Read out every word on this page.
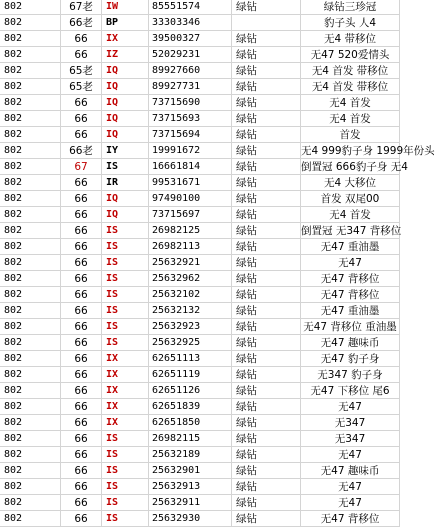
802	67老	IW	85551574	绿钻	绿钻三珍冠
802	66老	BP	33303346		豹子头 人4
802	66	IX	39500327	绿钻	无4 带移位
802	66	IZ	52029231	绿钻	无47 520爱情头
802	65老	IQ	89927660	绿钻	无4 首发 带移位
802	65老	IQ	89927731	绿钻	无4 首发 带移位
802	66	IQ	73715690	绿钻	无4 首发
802	66	IQ	73715693	绿钻	无4 首发
802	66	IQ	73715694	绿钻	首发
802	66老	IY	19991672	绿钻	无4 999豹子身 1999年份头
802	67	IS	16661814	绿钻	倒置冠 666豹子身 无4
802	66	IR	99531671	绿钻	无4 大移位
802	66	IQ	97490100	绿钻	首发 双尾00
802	66	IQ	73715697	绿钻	无4 首发
802	66	IS	26982125	绿钻	倒置冠 无347 背移位
802	66	IS	26982113	绿钻	无47 重油墨
802	66	IS	25632921	绿钻	无47
802	66	IS	25632962	绿钻	无47 背移位
802	66	IS	25632102	绿钻	无47 背移位
802	66	IS	25632132	绿钻	无47 重油墨
802	66	IS	25632923	绿钻	无47 背移位 重油墨
802	66	IS	25632925	绿钻	无47 趣味币
802	66	IX	62651113	绿钻	无47 豹子身
802	66	IX	62651119	绿钻	无347 豹子身
802	66	IX	62651126	绿钻	无47 下移位 尾6
802	66	IX	62651839	绿钻	无47
802	66	IX	62651850	绿钻	无347
802	66	IS	26982115	绿钻	无347
802	66	IS	25632189	绿钻	无47
802	66	IS	25632901	绿钻	无47 趣味币
802	66	IS	25632913	绿钻	无47
802	66	IS	25632911	绿钻	无47
802	66	IS	25632930	绿钻	无47 背移位
